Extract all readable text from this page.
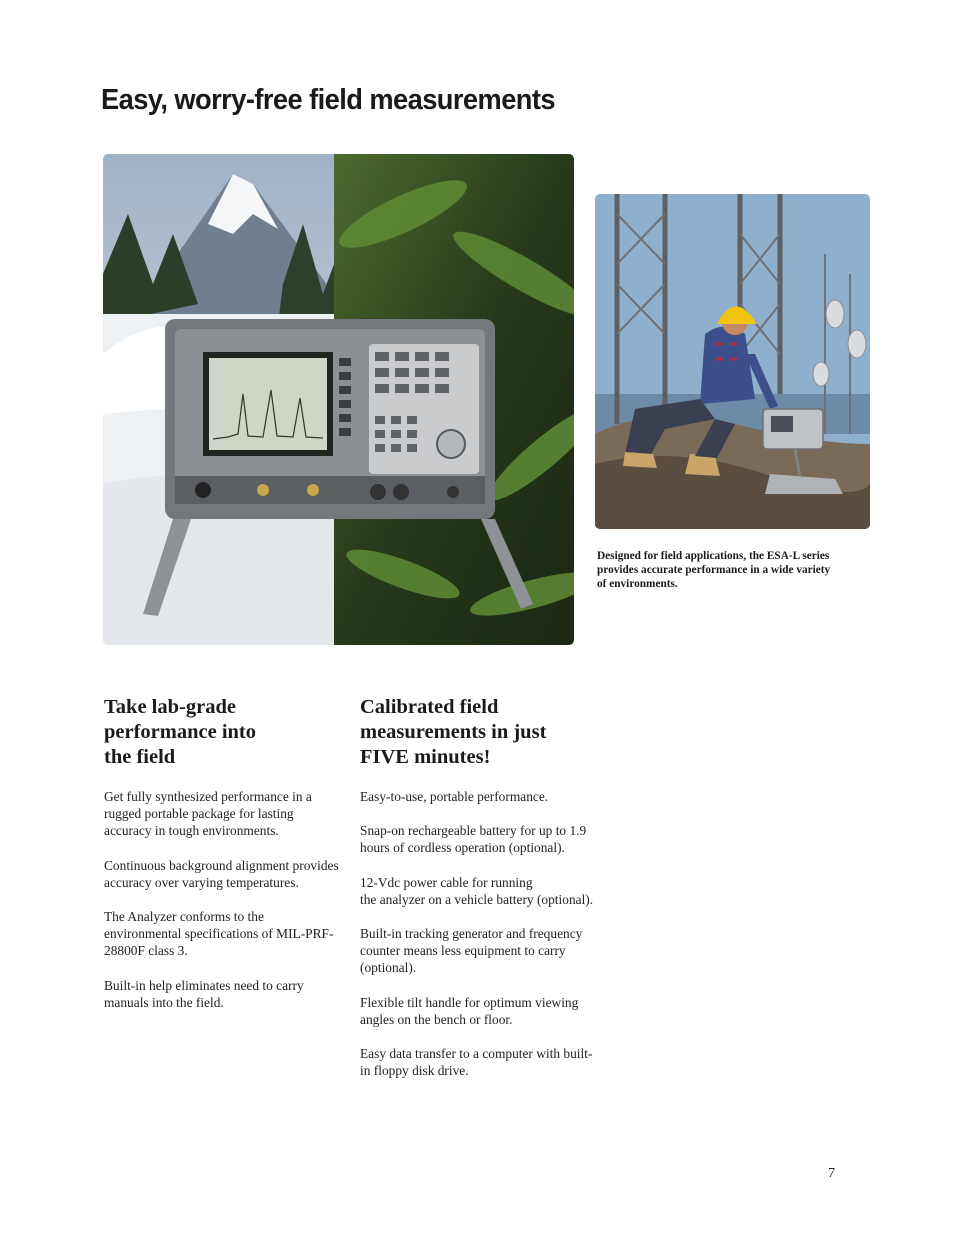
Easy, worry-free field measurements
Designed for field applications, the ESA-L series provides accurate performance in a wide variety of environments.
Take lab-grade
performance into
the field

Get fully synthesized performance in a rugged portable package for lasting accuracy in tough environments.

Continuous background alignment provides accuracy over varying temperatures.

The Analyzer conforms to the environmental specifications of MIL-PRF-28800F class 3.

Built-in help eliminates need to carry manuals into the field.

Calibrated field
measurements in just
FIVE minutes!

Easy-to-use, portable performance.

Snap-on rechargeable battery for up to 1.9 hours of cordless operation (optional).

12-Vdc power cable for running
the analyzer on a vehicle battery (optional).

Built-in tracking generator and frequency counter means less equipment to carry (optional).

Flexible tilt handle for optimum viewing angles on the bench or floor.

Easy data transfer to a computer with built-in floppy disk drive.

7
